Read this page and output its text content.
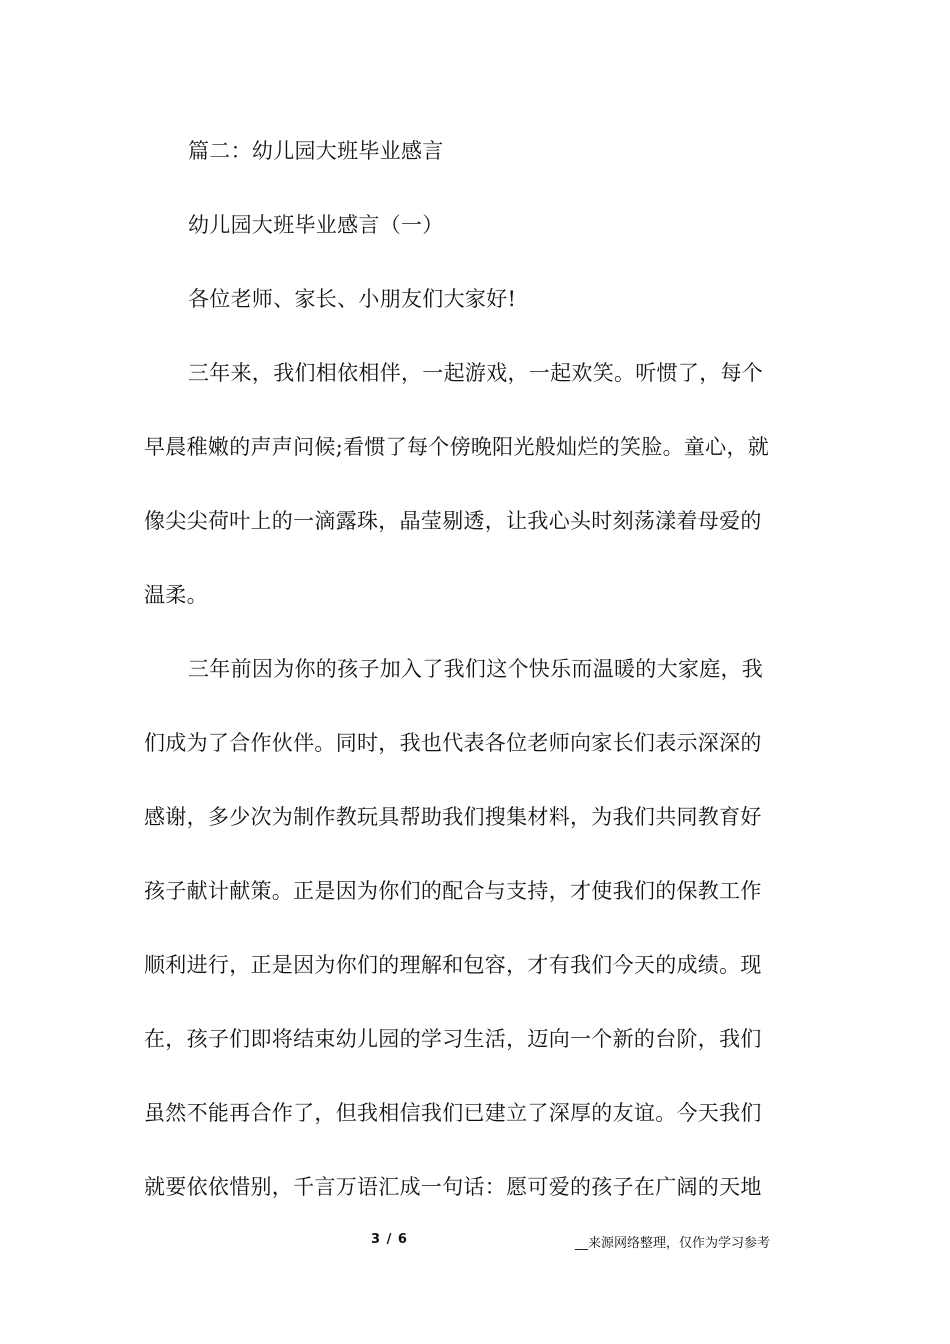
篇二：幼儿园大班毕业感言
幼儿园大班毕业感言（一）
各位老师、家长、小朋友们大家好!
三年来，我们相依相伴，一起游戏，一起欢笑。听惯了，每个
早晨稚嫩的声声问候;看惯了每个傍晚阳光般灿烂的笑脸。童心，就
像尖尖荷叶上的一滴露珠，晶莹剔透，让我心头时刻荡漾着母爱的
温柔。
三年前因为你的孩子加入了我们这个快乐而温暖的大家庭，我
们成为了合作伙伴。同时，我也代表各位老师向家长们表示深深的
感谢，多少次为制作教玩具帮助我们搜集材料，为我们共同教育好
孩子献计献策。正是因为你们的配合与支持，才使我们的保教工作
顺利进行，正是因为你们的理解和包容，才有我们今天的成绩。现
在，孩子们即将结束幼儿园的学习生活，迈向一个新的台阶，我们
虽然不能再合作了，但我相信我们已建立了深厚的友谊。今天我们
就要依依惜别，千言万语汇成一句话：愿可爱的孩子在广阔的天地
3 / 6	__来源网络整理，仅作为学习参考
